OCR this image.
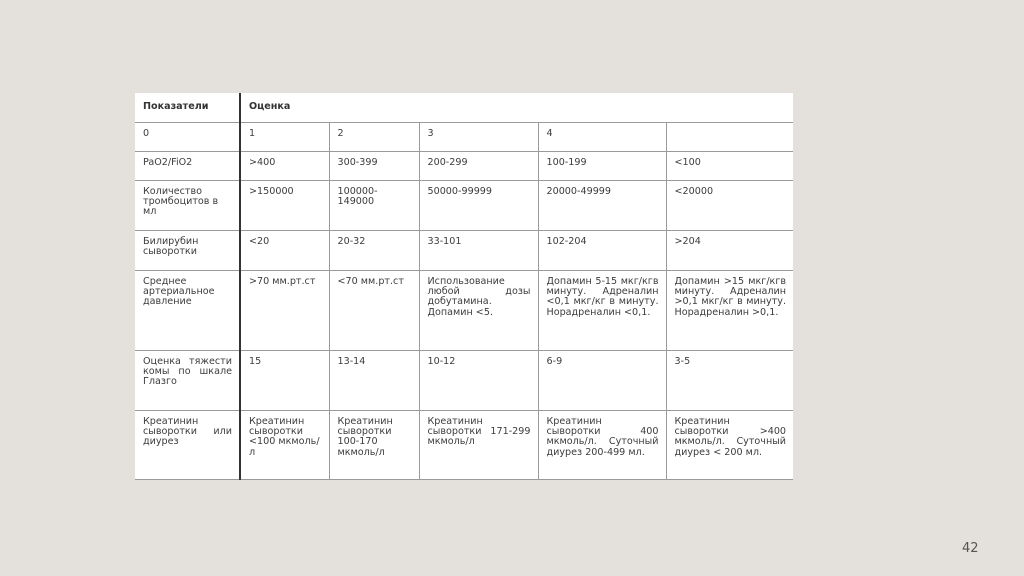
Показатели	Оценка				
0	1	2	3	4	
PaO2/FiO2	>400	300-399	200-299	100-199	<100
Количество тромбоцитов в мл	>150000	100000-149000	50000-99999	20000-49999	<20000
Билирубин сыворотки	<20	20-32	33-101	102-204	>204
Среднее артериальное давление	>70 мм.рт.ст	<70 мм.рт.ст	Использование любой дозы добутамина. Допамин <5.	Допамин 5-15 мкг/кгв минуту. Адреналин <0,1 мкг/кг в минуту. Норадреналин <0,1.	Допамин >15 мкг/кгв минуту. Адреналин >0,1 мкг/кг в минуту. Норадреналин >0,1.
Оценка тяжести комы по шкале Глазго	15	13-14	10-12	6-9	3-5
Креатинин сыворотки или диурез	Креатинин сыворотки <100 мкмоль/л	Креатинин сыворотки 100-170 мкмоль/л	Креатинин сыворотки 171-299 мкмоль/л	Креатинин сыворотки 400 мкмоль/л. Суточный диурез 200-499 мл.	Креатинин сыворотки >400 мкмоль/л. Суточный диурез < 200 мл.
42
